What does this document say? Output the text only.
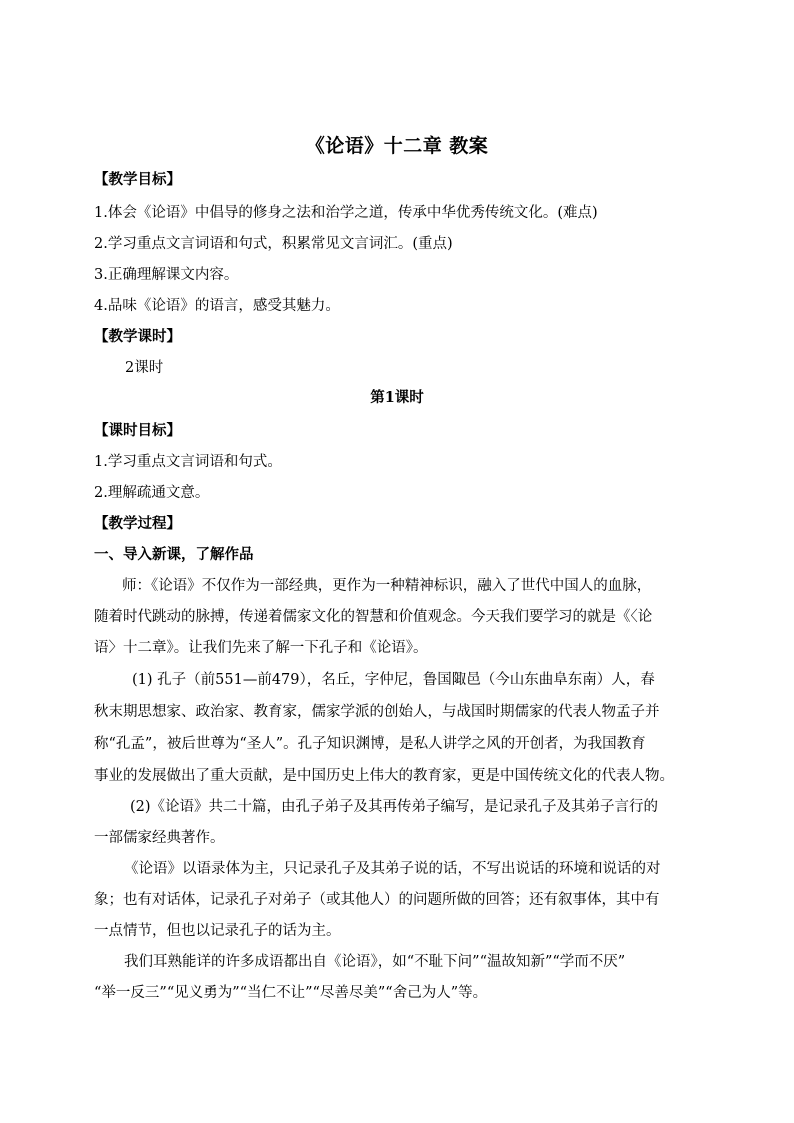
《论语》十二章 教案
【教学目标】
1.体会《论语》中倡导的修身之法和治学之道，传承中华优秀传统文化。(难点)
2.学习重点文言词语和句式，积累常见文言词汇。(重点)
3.正确理解课文内容。
4.品味《论语》的语言，感受其魅力。
【教学课时】
2课时
第1课时
【课时目标】
1.学习重点文言词语和句式。
2.理解疏通文意。
【教学过程】
一、导入新课，了解作品
师：《论语》不仅作为一部经典，更作为一种精神标识，融入了世代中国人的血脉，
随着时代跳动的脉搏，传递着儒家文化的智慧和价值观念。今天我们要学习的就是《〈论
语〉十二章》。让我们先来了解一下孔子和《论语》。
(1) 孔子（前551—前479），名丘，字仲尼，鲁国陬邑（今山东曲阜东南）人，春
秋末期思想家、政治家、教育家，儒家学派的创始人，与战国时期儒家的代表人物孟子并
称“孔孟”，被后世尊为“圣人”。孔子知识渊博，是私人讲学之风的开创者，为我国教育
事业的发展做出了重大贡献，是中国历史上伟大的教育家，更是中国传统文化的代表人物。
(2)《论语》共二十篇，由孔子弟子及其再传弟子编写，是记录孔子及其弟子言行的
一部儒家经典著作。
《论语》以语录体为主，只记录孔子及其弟子说的话，不写出说话的环境和说话的对
象；也有对话体，记录孔子对弟子（或其他人）的问题所做的回答；还有叙事体，其中有
一点情节，但也以记录孔子的话为主。
我们耳熟能详的许多成语都出自《论语》，如“不耻下问”“温故知新”“学而不厌”
“举一反三”“见义勇为”“当仁不让”“尽善尽美”“舍己为人”等。
